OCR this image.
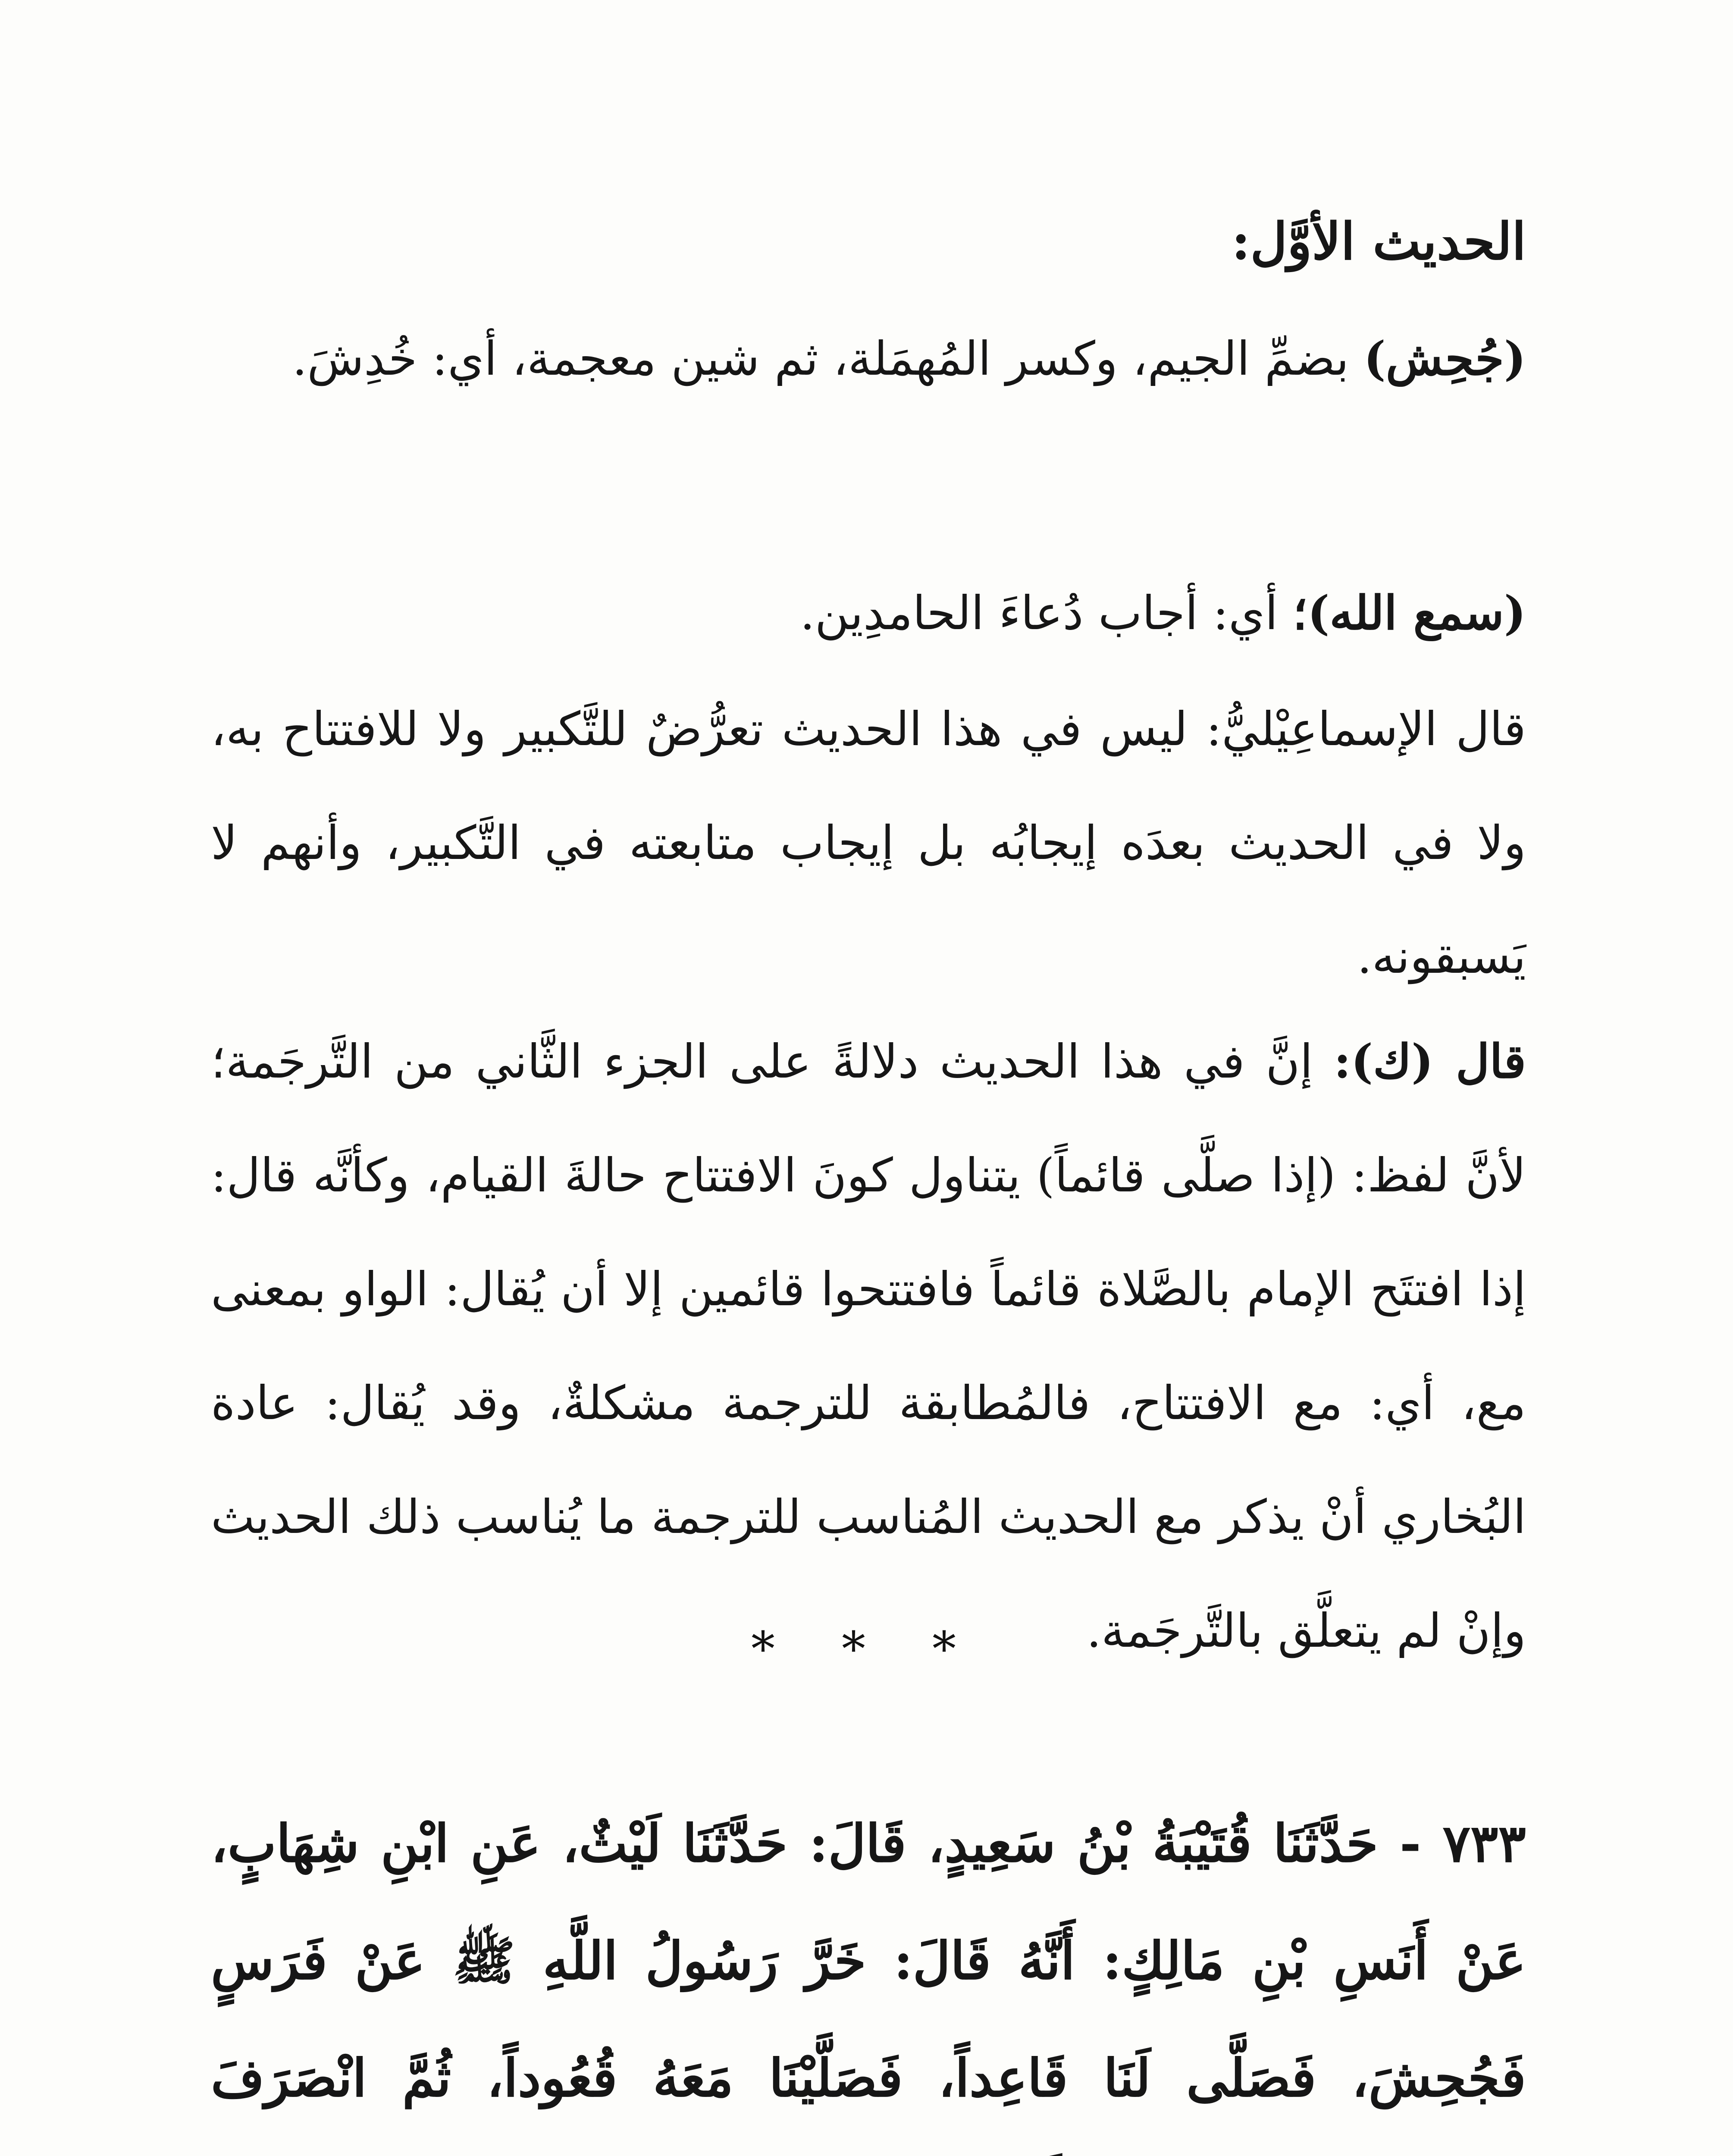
الحديث الأوَّل:
(جُحِش) بضمِّ الجيم، وكسر المُهمَلة، ثم شين معجمة، أي: خُدِشَ.
(سمع الله)؛ أي: أجاب دُعاءَ الحامدِين.
قال الإسماعِيْليُّ: ليس في هذا الحديث تعرُّضٌ للتَّكبير ولا للافتتاح به، ولا في الحديث بعدَه إيجابُه بل إيجاب متابعته في التَّكبير، وأنهم لا يَسبقونه.
قال (ك): إنَّ في هذا الحديث دلالةً على الجزء الثَّاني من التَّرجَمة؛ لأنَّ لفظ: (إذا صلَّى قائماً) يتناول كونَ الافتتاح حالةَ القيام، وكأنَّه قال: إذا افتتَح الإمام بالصَّلاة قائماً فافتتحوا قائمين إلا أن يُقال: الواو بمعنى مع، أي: مع الافتتاح، فالمُطابقة للترجمة مشكلةٌ، وقد يُقال: عادة البُخاري أنْ يذكر مع الحديث المُناسب للترجمة ما يُناسب ذلك الحديث وإنْ لم يتعلَّق بالتَّرجَمة.
* * *
٧٣٣ - حَدَّثَنَا قُتَيْبَةُ بْنُ سَعِيدٍ، قَالَ: حَدَّثَنَا لَيْثٌ، عَنِ ابْنِ شِهَابٍ، عَنْ أَنَسِ بْنِ مَالِكٍ: أَنَّهُ قَالَ: خَرَّ رَسُولُ اللَّهِ ﷺ عَنْ فَرَسٍ فَجُحِشَ، فَصَلَّى لَنَا قَاعِداً، فَصَلَّيْنَا مَعَهُ قُعُوداً، ثُمَّ انْصَرَفَ
